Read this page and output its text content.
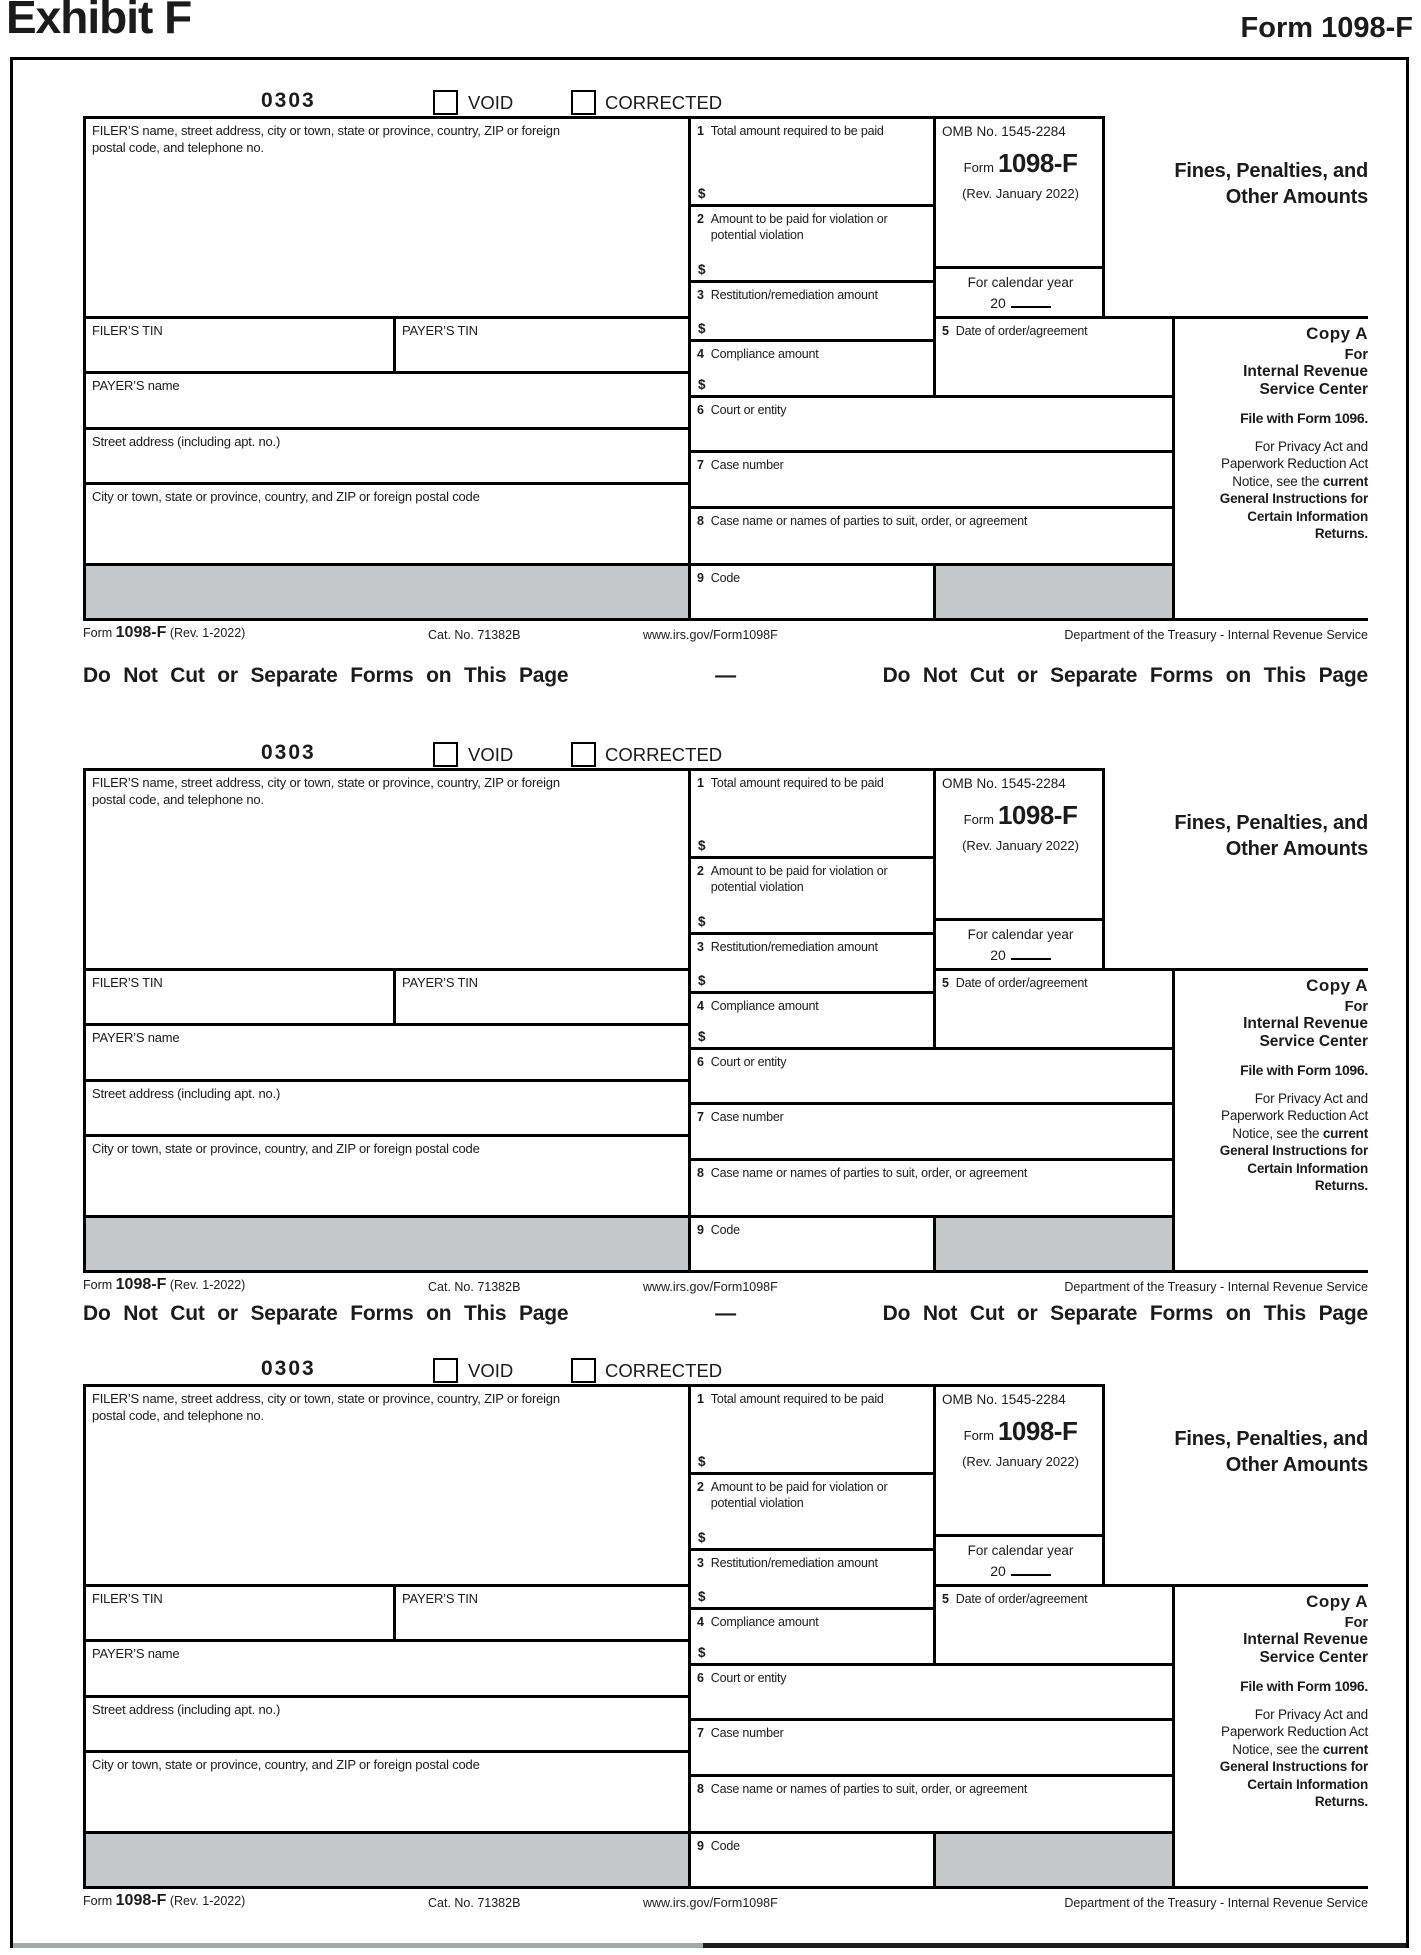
Exhibit F	Form 1098-F
0303	VOID	CORRECTED
FILER’S name, street address, city or town, state or province, country, ZIP or foreign postal code, and telephone no.
FILER’S TIN	PAYER’S TIN
PAYER’S name
Street address (including apt. no.)
City or town, state or province, country, and ZIP or foreign postal code
1 Total amount required to be paid
$
2 Amount to be paid for violation or potential violation
$
3 Restitution/remediation amount
$
4 Compliance amount
$
5 Date of order/agreement
6 Court or entity
7 Case number
8 Case name or names of parties to suit, order, or agreement
9 Code
OMB No. 1545-2284
Form 1098-F
(Rev. January 2022)
For calendar year
20
Fines, Penalties, and
Other Amounts
Copy A
For
Internal Revenue Service Center
File with Form 1096.
For Privacy Act and Paperwork Reduction Act Notice, see the current General Instructions for Certain Information Returns.
Form 1098-F (Rev. 1-2022)	Cat. No. 71382B	www.irs.gov/Form1098F	Department of the Treasury - Internal Revenue Service
Do Not Cut or Separate Forms on This Page	—	Do Not Cut or Separate Forms on This Page
0303	VOID	CORRECTED
FILER’S name, street address, city or town, state or province, country, ZIP or foreign postal code, and telephone no.
FILER’S TIN	PAYER’S TIN
PAYER’S name
Street address (including apt. no.)
City or town, state or province, country, and ZIP or foreign postal code
1 Total amount required to be paid
$
2 Amount to be paid for violation or potential violation
$
3 Restitution/remediation amount
$
4 Compliance amount
$
5 Date of order/agreement
6 Court or entity
7 Case number
8 Case name or names of parties to suit, order, or agreement
9 Code
OMB No. 1545-2284
Form 1098-F
(Rev. January 2022)
For calendar year
20
Fines, Penalties, and
Other Amounts
Copy A
For
Internal Revenue Service Center
File with Form 1096.
For Privacy Act and Paperwork Reduction Act Notice, see the current General Instructions for Certain Information Returns.
Form 1098-F (Rev. 1-2022)	Cat. No. 71382B	www.irs.gov/Form1098F	Department of the Treasury - Internal Revenue Service
Do Not Cut or Separate Forms on This Page	—	Do Not Cut or Separate Forms on This Page
0303	VOID	CORRECTED
FILER’S name, street address, city or town, state or province, country, ZIP or foreign postal code, and telephone no.
FILER’S TIN	PAYER’S TIN
PAYER’S name
Street address (including apt. no.)
City or town, state or province, country, and ZIP or foreign postal code
1 Total amount required to be paid
$
2 Amount to be paid for violation or potential violation
$
3 Restitution/remediation amount
$
4 Compliance amount
$
5 Date of order/agreement
6 Court or entity
7 Case number
8 Case name or names of parties to suit, order, or agreement
9 Code
OMB No. 1545-2284
Form 1098-F
(Rev. January 2022)
For calendar year
20
Fines, Penalties, and
Other Amounts
Copy A
For
Internal Revenue Service Center
File with Form 1096.
For Privacy Act and Paperwork Reduction Act Notice, see the current General Instructions for Certain Information Returns.
Form 1098-F (Rev. 1-2022)	Cat. No. 71382B	www.irs.gov/Form1098F	Department of the Treasury - Internal Revenue Service
